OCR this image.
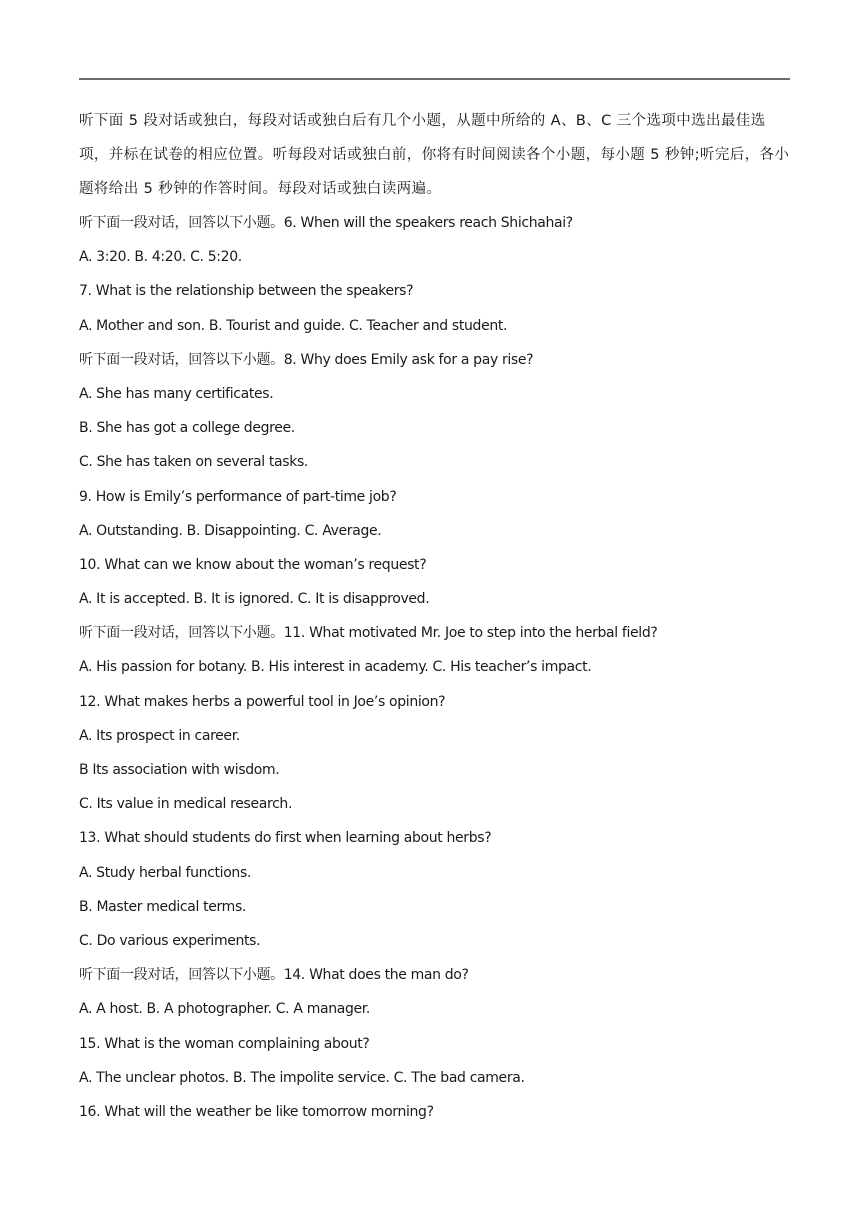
听下面 5 段对话或独白，每段对话或独白后有几个小题，从题中所给的 A、B、C 三个选项中选出最佳选项，并标在试卷的相应位置。听每段对话或独白前，你将有时间阅读各个小题，每小题 5 秒钟;听完后，各小题将给出 5 秒钟的作答时间。每段对话或独白读两遍。

听下面一段对话，回答以下小题。6. When will the speakers reach Shichahai?

A. 3:20. B. 4:20. C. 5:20.

7. What is the relationship between the speakers?

A. Mother and son. B. Tourist and guide. C. Teacher and student.

听下面一段对话，回答以下小题。8. Why does Emily ask for a pay rise?

A. She has many certificates.

B. She has got a college degree.

C. She has taken on several tasks.

9. How is Emily’s performance of part-time job?

A. Outstanding. B. Disappointing. C. Average.

10. What can we know about the woman’s request?

A. It is accepted. B. It is ignored. C. It is disapproved.

听下面一段对话，回答以下小题。11. What motivated Mr. Joe to step into the herbal field?

A. His passion for botany. B. His interest in academy. C. His teacher’s impact.

12. What makes herbs a powerful tool in Joe’s opinion?

A. Its prospect in career.

B Its association with wisdom.

C. Its value in medical research.

13. What should students do first when learning about herbs?

A. Study herbal functions.

B. Master medical terms.

C. Do various experiments.

听下面一段对话，回答以下小题。14. What does the man do?

A. A host. B. A photographer. C. A manager.

15. What is the woman complaining about?

A. The unclear photos. B. The impolite service. C. The bad camera.

16. What will the weather be like tomorrow morning?
